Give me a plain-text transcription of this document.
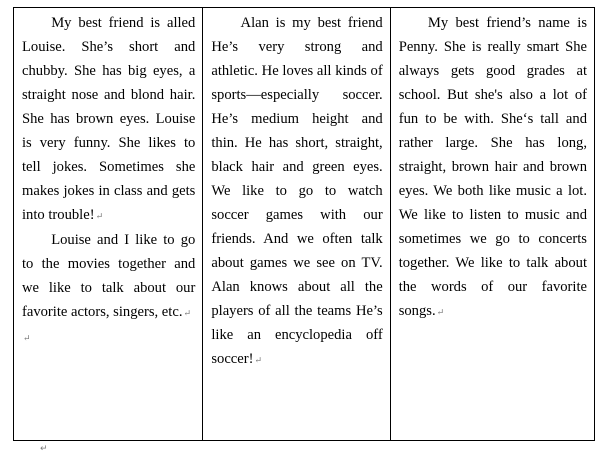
My best friend is alled Louise. She’s short and chubby. She has big eyes, a straight nose and blond hair. She has brown eyes. Louise is very funny. She likes to tell jokes. Sometimes she makes jokes in class and gets into trouble!↵

Louise and I like to go to the movies together and we like to talk about our favorite actors, singers, etc.↵

↵

Alan is my best friend He’s very strong and athletic. He loves all kinds of sports—especially soccer. He’s medium height and thin. He has short, straight, black hair and green eyes. We like to go to watch soccer games with our friends. And we often talk about games we see on TV. Alan knows about all the players of all the teams He’s like an encyclopedia off soccer!↵

My best friend’s name is Penny. She is really smart She always gets good grades at school. But she's also a lot of fun to be with. She‘s tall and rather large. She has long, straight, brown hair and brown eyes. We both like music a lot. We like to listen to music and sometimes we go to concerts together. We like to talk about the words of our favorite songs.↵

↵
